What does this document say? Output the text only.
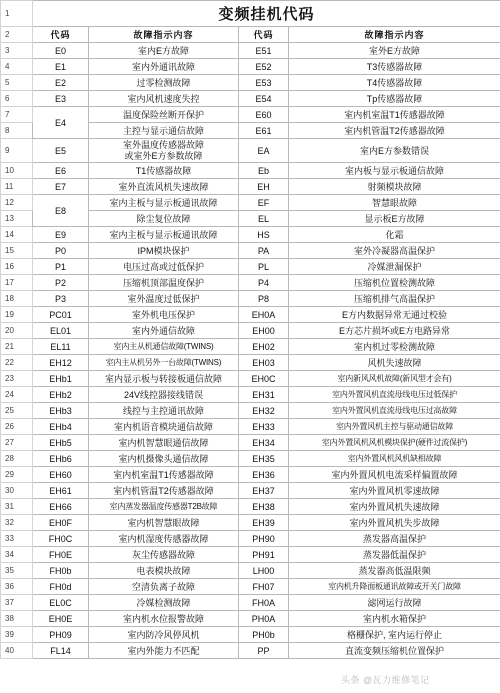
1	变频挂机代码			
2	代码	故障指示内容	代码	故障指示内容
3	E0	室内E方故障	E51	室外E方故障
4	E1	室内外通讯故障	E52	T3传感器故障
5	E2	过零检测故障	E53	T4传感器故障
6	E3	室内风机速度失控	E54	Tp传感器故障
7	E4	温度保险丝断开保护	E60	室内机室温T1传感器故障
8		主控与显示通信故障	E61	室内机管温T2传感器故障
9	E5	室外温度传感器故障
或室外E方参数故障	EA	室内E方参数错误
10	E6	T1传感器故障	Eb	室内板与显示板通信故障
11	E7	室外直流风机失速故障	EH	射频模块故障
12	E8	室内主板与显示板通讯故障	EF	智慧眼故障
13		除尘复位故障	EL	显示板E方故障
14	E9	室内主板与显示板通讯故障	HS	化霜
15	P0	IPM模块保护	PA	室外冷凝器高温保护
16	P1	电压过高或过低保护	PL	冷媒泄漏保护
17	P2	压缩机顶部温度保护	P4	压缩机位置检测故障
18	P3	室外温度过低保护	P8	压缩机排气高温保护
19	PC01	室外机电压保护	EH0A	E方内数据异常无通过校验
20	EL01	室内外通信故障	EH00	E方芯片损坏或E方电路异常
21	EL11	室内主从机通信故障(TWINS)	EH02	室内机过零检测故障
22	EH12	室内主从机另外一台故障(TWINS)	EH03	风机失速故障
23	EHb1	室内显示板与转接板通信故障	EH0C	室内新风风机故障(新风型才会有)
24	EHb2	24V线控器接线错误	EH31	室内外置风机直流母线电压过低保护
25	EHb3	线控与主控通讯故障	EH32	室内外置风机直流母线电压过高故障
26	EHb4	室内机语音模块通信故障	EH33	室内外置风机主控与驱动通信故障
27	EHb5	室内机智慧眼通信故障	EH34	室内外置风机风机模块保护(硬件过流保护)
28	EHb6	室内机摄像头通信故障	EH35	室内外置风机风机缺相故障
29	EH60	室内机室温T1传感器故障	EH36	室内外置风机电流采样偏置故障
30	EH61	室内机管温T2传感器故障	EH37	室内外置风机零速故障
31	EH66	室内蒸发器温度传感器T2B故障	EH38	室内外置风机失速故障
32	EH0F	室内机智慧眼故障	EH39	室内外置风机失步故障
33	FH0C	室内机湿度传感器故障	PH90	蒸发器高温保护
34	FH0E	灰尘传感器故障	PH91	蒸发器低温保护
35	FH0b	电表模块故障	LH00	蒸发器高低温限频
36	FH0d	空清负离子故障	FH07	室内机升降面板通讯故障或开关门故障
37	EL0C	冷媒检测故障	FH0A	滤网运行故障
38	EH0E	室内机水位报警故障	PH0A	室内机水箱保护
39	PH09	室内防冷风停风机	PH0b	格栅保护, 室内运行停止
40	FL14	室内外能力不匹配	PP	直流变频压缩机位置保护
头条 @瓦力维修笔记
